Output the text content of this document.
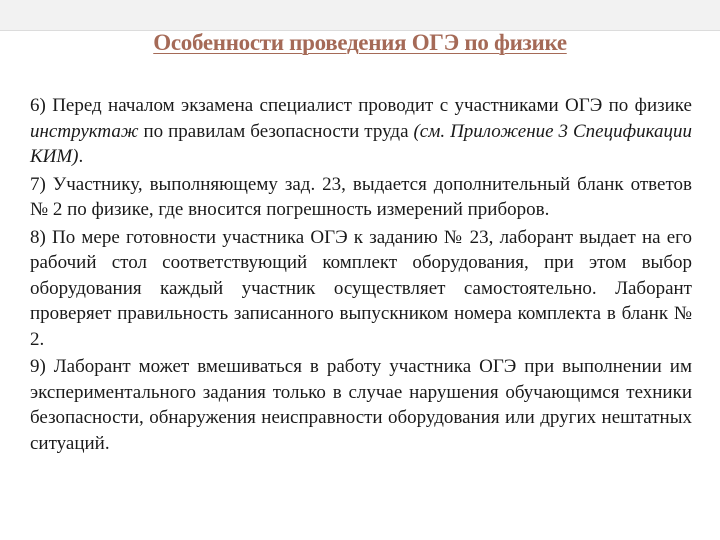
Особенности проведения ОГЭ по физике

6) Перед началом экзамена специалист проводит с участниками ОГЭ по физике инструктаж по правилам безопасности труда (см. Приложение 3 Спецификации КИМ).

7) Участнику, выполняющему зад. 23, выдается дополнительный бланк ответов № 2 по физике, где вносится погрешность измерений приборов.

8) По мере готовности участника ОГЭ к заданию № 23, лаборант выдает на его рабочий стол соответствующий комплект оборудования, при этом выбор оборудования каждый участник осуществляет самостоятельно. Лаборант проверяет правильность записанного выпускником номера комплекта в бланк № 2.

9) Лаборант может вмешиваться в работу участника ОГЭ при выполнении им экспериментального задания только в случае нарушения обучающимся техники безопасности, обнаружения неисправности оборудования или других нештатных ситуаций.
